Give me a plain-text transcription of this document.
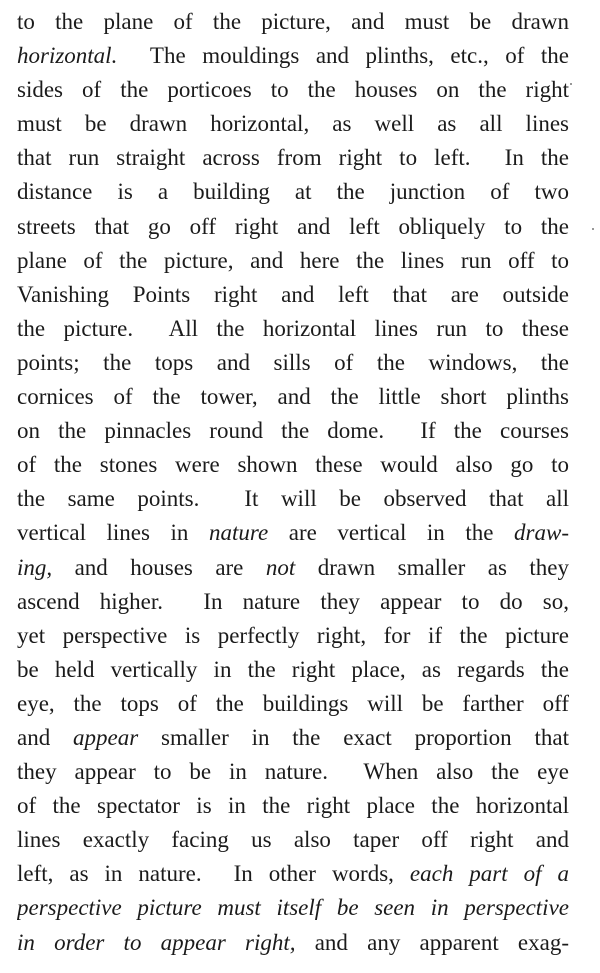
to the plane of the picture, and must be drawn
horizontal.  The mouldings and plinths, etc., of the
sides of the porticoes to the houses on the right
must be drawn horizontal, as well as all lines
that run straight across from right to left.  In the
distance is a building at the junction of two
streets that go off right and left obliquely to the
plane of the picture, and here the lines run off to
Vanishing Points right and left that are outside
the picture.  All the horizontal lines run to these
points; the tops and sills of the windows, the
cornices of the tower, and the little short plinths
on the pinnacles round the dome.  If the courses
of the stones were shown these would also go to
the same points.  It will be observed that all
vertical lines in nature are vertical in the draw-
ing, and houses are not drawn smaller as they
ascend higher.  In nature they appear to do so,
yet perspective is perfectly right, for if the picture
be held vertically in the right place, as regards the
eye, the tops of the buildings will be farther off
and appear smaller in the exact proportion that
they appear to be in nature.  When also the eye
of the spectator is in the right place the horizontal
lines exactly facing us also taper off right and
left, as in nature.  In other words, each part of a
perspective picture must itself be seen in perspective
in order to appear right, and any apparent exag-
